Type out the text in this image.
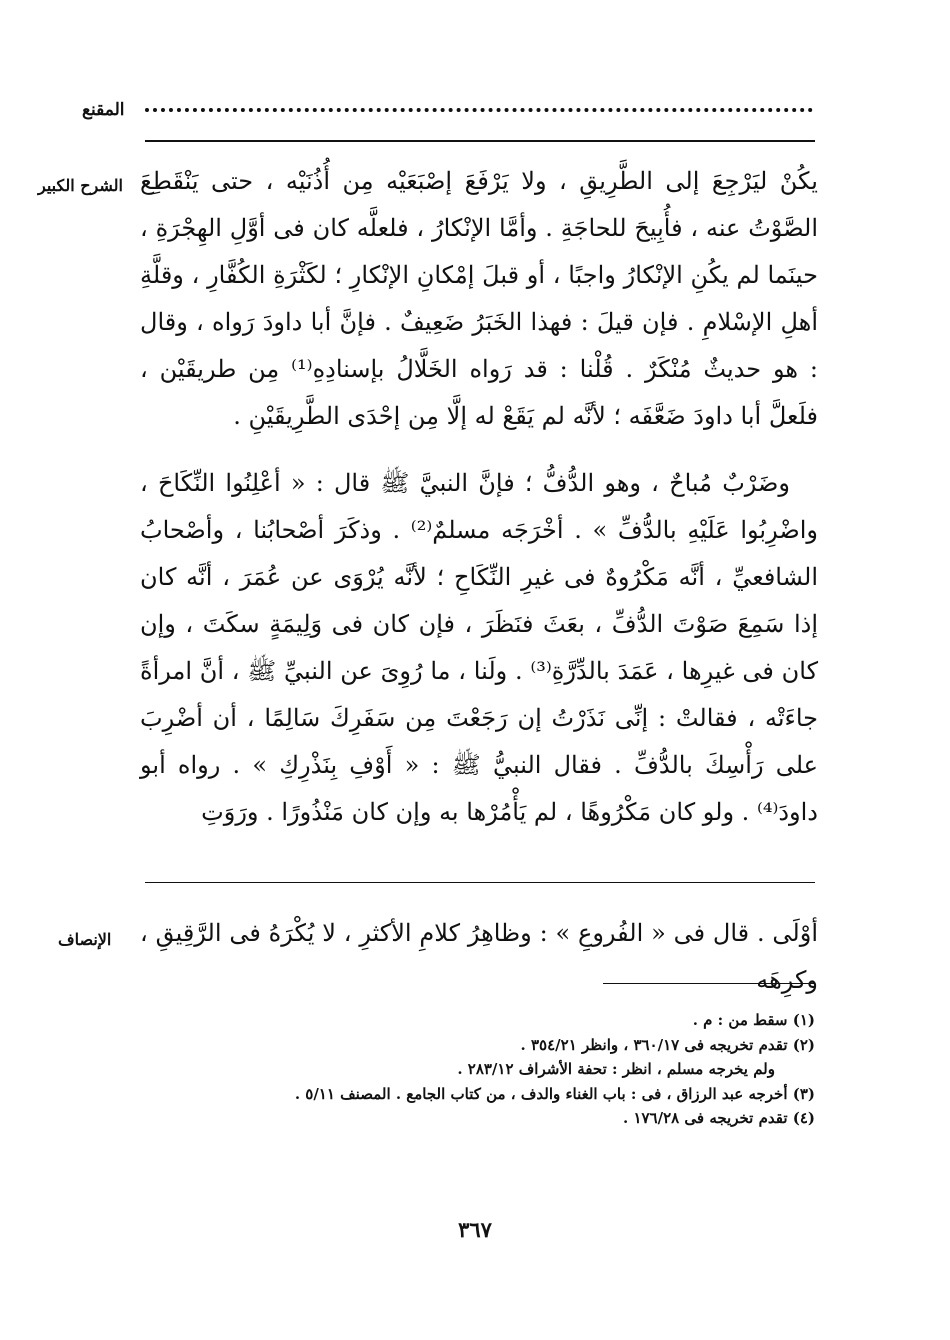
المقنع
الشرح الكبير يكُنْ ليَرْجِعَ إلى الطَّرِيقِ ، ولا يَرْفَعَ إصْبَعَيْه مِن أُذُنَيْه ، حتى يَنْقَطِعَ الصَّوْتُ عنه ، فأُبِيحَ للحاجَةِ . وأمَّا الإنْكارُ ، فلعلَّه كان فى أوَّلِ الهِجْرَةِ ، حينَما لم يكُنِ الإنْكارُ واجبًا ، أو قبلَ إمْكانِ الإنْكارِ ؛ لكَثْرَةِ الكُفَّارِ ، وقلَّةِ أهلِ الإسْلامِ . فإن قيلَ : فهذا الخَبَرُ ضَعِيفٌ . فإنَّ أبا داودَ رَواه ، وقال : هو حديثٌ مُنْكَرٌ . قُلْنا : قد رَواه الخَلَّالُ بإسنادِهِ⁽¹⁾ مِن طريقَيْن ، فلَعلَّ أبا داودَ ضَعَّفَه ؛ لأنَّه لم يَقَعْ له إلَّا مِن إحْدَى الطَّرِيقَيْنِ .

وضَرْبٌ مُباحٌ ، وهو الدُّفُّ ؛ فإنَّ النبيَّ ﷺ قال : « أعْلِنُوا النِّكَاحَ ، واضْرِبُوا عَلَيْهِ بالدُّفِّ » . أخْرَجَه مسلمٌ⁽²⁾ . وذكَرَ أصْحابُنا ، وأصْحابُ الشافعيِّ ، أنَّه مَكْرُوهٌ فى غيرِ النِّكَاحِ ؛ لأنَّه يُرْوَى عن عُمَرَ ، أنَّه كان إذا سَمِعَ صَوْتَ الدُّفِّ ، بعَثَ فنَظَرَ ، فإن كان فى وَلِيمَةٍ سكَتَ ، وإن كان فى غيرِها ، عَمَدَ بالدِّرَّةِ⁽³⁾ . ولَنا ، ما رُوِىَ عن النبيِّ ﷺ ، أنَّ امرأةً جاءَتْه ، فقالتْ : إنِّى نَذَرْتُ إن رَجَعْتَ مِن سَفَرِكَ سَالِمًا ، أن أضْرِبَ على رَأْسِكَ بالدُّفِّ . فقال النبيُّ ﷺ : « أَوْفِ بِنَذْرِكِ » . رواه أبو داودَ⁽⁴⁾ . ولو كان مَكْرُوهًا ، لم يَأْمُرْها به وإن كان مَنْذُورًا . ورَوَتِ

الإنصاف أوْلَى . قال فى « الفُروعِ » : وظاهِرُ كلامِ الأكثرِ ، لا يُكْرَهُ فى الرَّقِيقِ ، وكرِهَه

(١) سقط من : م .
(٢) تقدم تخريجه فى ٣٦٠/١٧ ، وانظر ٣٥٤/٢١ .
ولم يخرجه مسلم ، انظر : تحفة الأشراف ٢٨٣/١٢ .
(٣) أخرجه عبد الرزاق ، فى : باب الغناء والدف ، من كتاب الجامع . المصنف ٥/١١ .
(٤) تقدم تخريجه فى ١٧٦/٢٨ .
٣٦٧
